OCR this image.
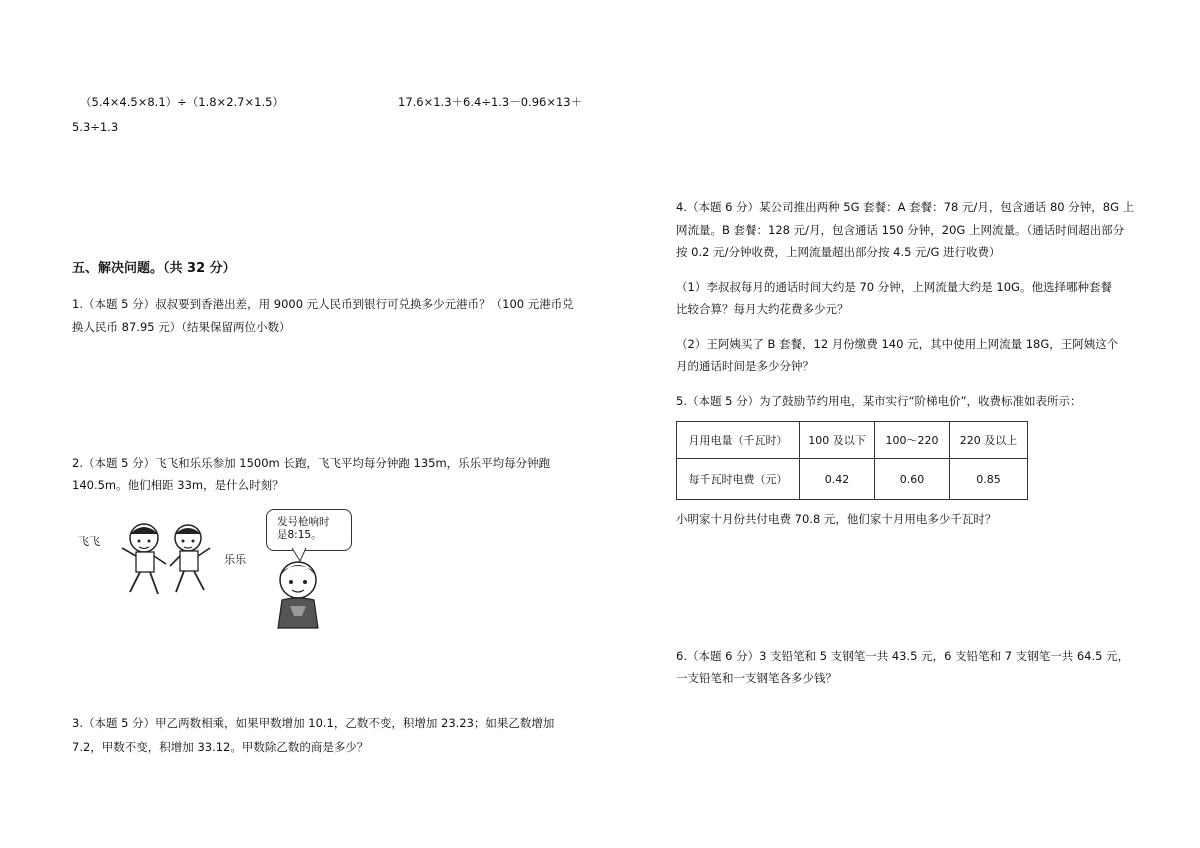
（5.4×4.5×8.1）÷（1.8×2.7×1.5）	17.6×1.3＋6.4÷1.3－0.96×13＋
5.3÷1.3
五、解决问题。（共 32 分）
1.（本题 5 分）叔叔要到香港出差，用 9000 元人民币到银行可兑换多少元港币？（100 元港币兑
换人民币 87.95 元）（结果保留两位小数）
2.（本题 5 分）飞飞和乐乐参加 1500m 长跑，飞飞平均每分钟跑 135m，乐乐平均每分钟跑
140.5m。他们相距 33m，是什么时刻？
飞飞
乐乐
发号枪响时
是8:15。
3.（本题 5 分）甲乙两数相乘，如果甲数增加 10.1，乙数不变，积增加 23.23；如果乙数增加
7.2，甲数不变，积增加 33.12。甲数除乙数的商是多少？
4.（本题 6 分）某公司推出两种 5G 套餐：A 套餐：78 元/月，包含通话 80 分钟，8G 上
网流量。B 套餐：128 元/月，包含通话 150 分钟，20G 上网流量。（通话时间超出部分
按 0.2 元/分钟收费，上网流量超出部分按 4.5 元/G 进行收费）
（1）李叔叔每月的通话时间大约是 70 分钟，上网流量大约是 10G。他选择哪种套餐
比较合算？每月大约花费多少元？
（2）王阿姨买了 B 套餐，12 月份缴费 140 元，其中使用上网流量 18G，王阿姨这个
月的通话时间是多少分钟？
5.（本题 5 分）为了鼓励节约用电，某市实行“阶梯电价”，收费标准如表所示：
月用电量（千瓦时）	100 及以下	100～220	220 及以上
每千瓦时电费（元）	0.42	0.60	0.85
小明家十月份共付电费 70.8 元，他们家十月用电多少千瓦时？
6.（本题 6 分）3 支铅笔和 5 支钢笔一共 43.5 元，6 支铅笔和 7 支钢笔一共 64.5 元，
一支铅笔和一支钢笔各多少钱？
